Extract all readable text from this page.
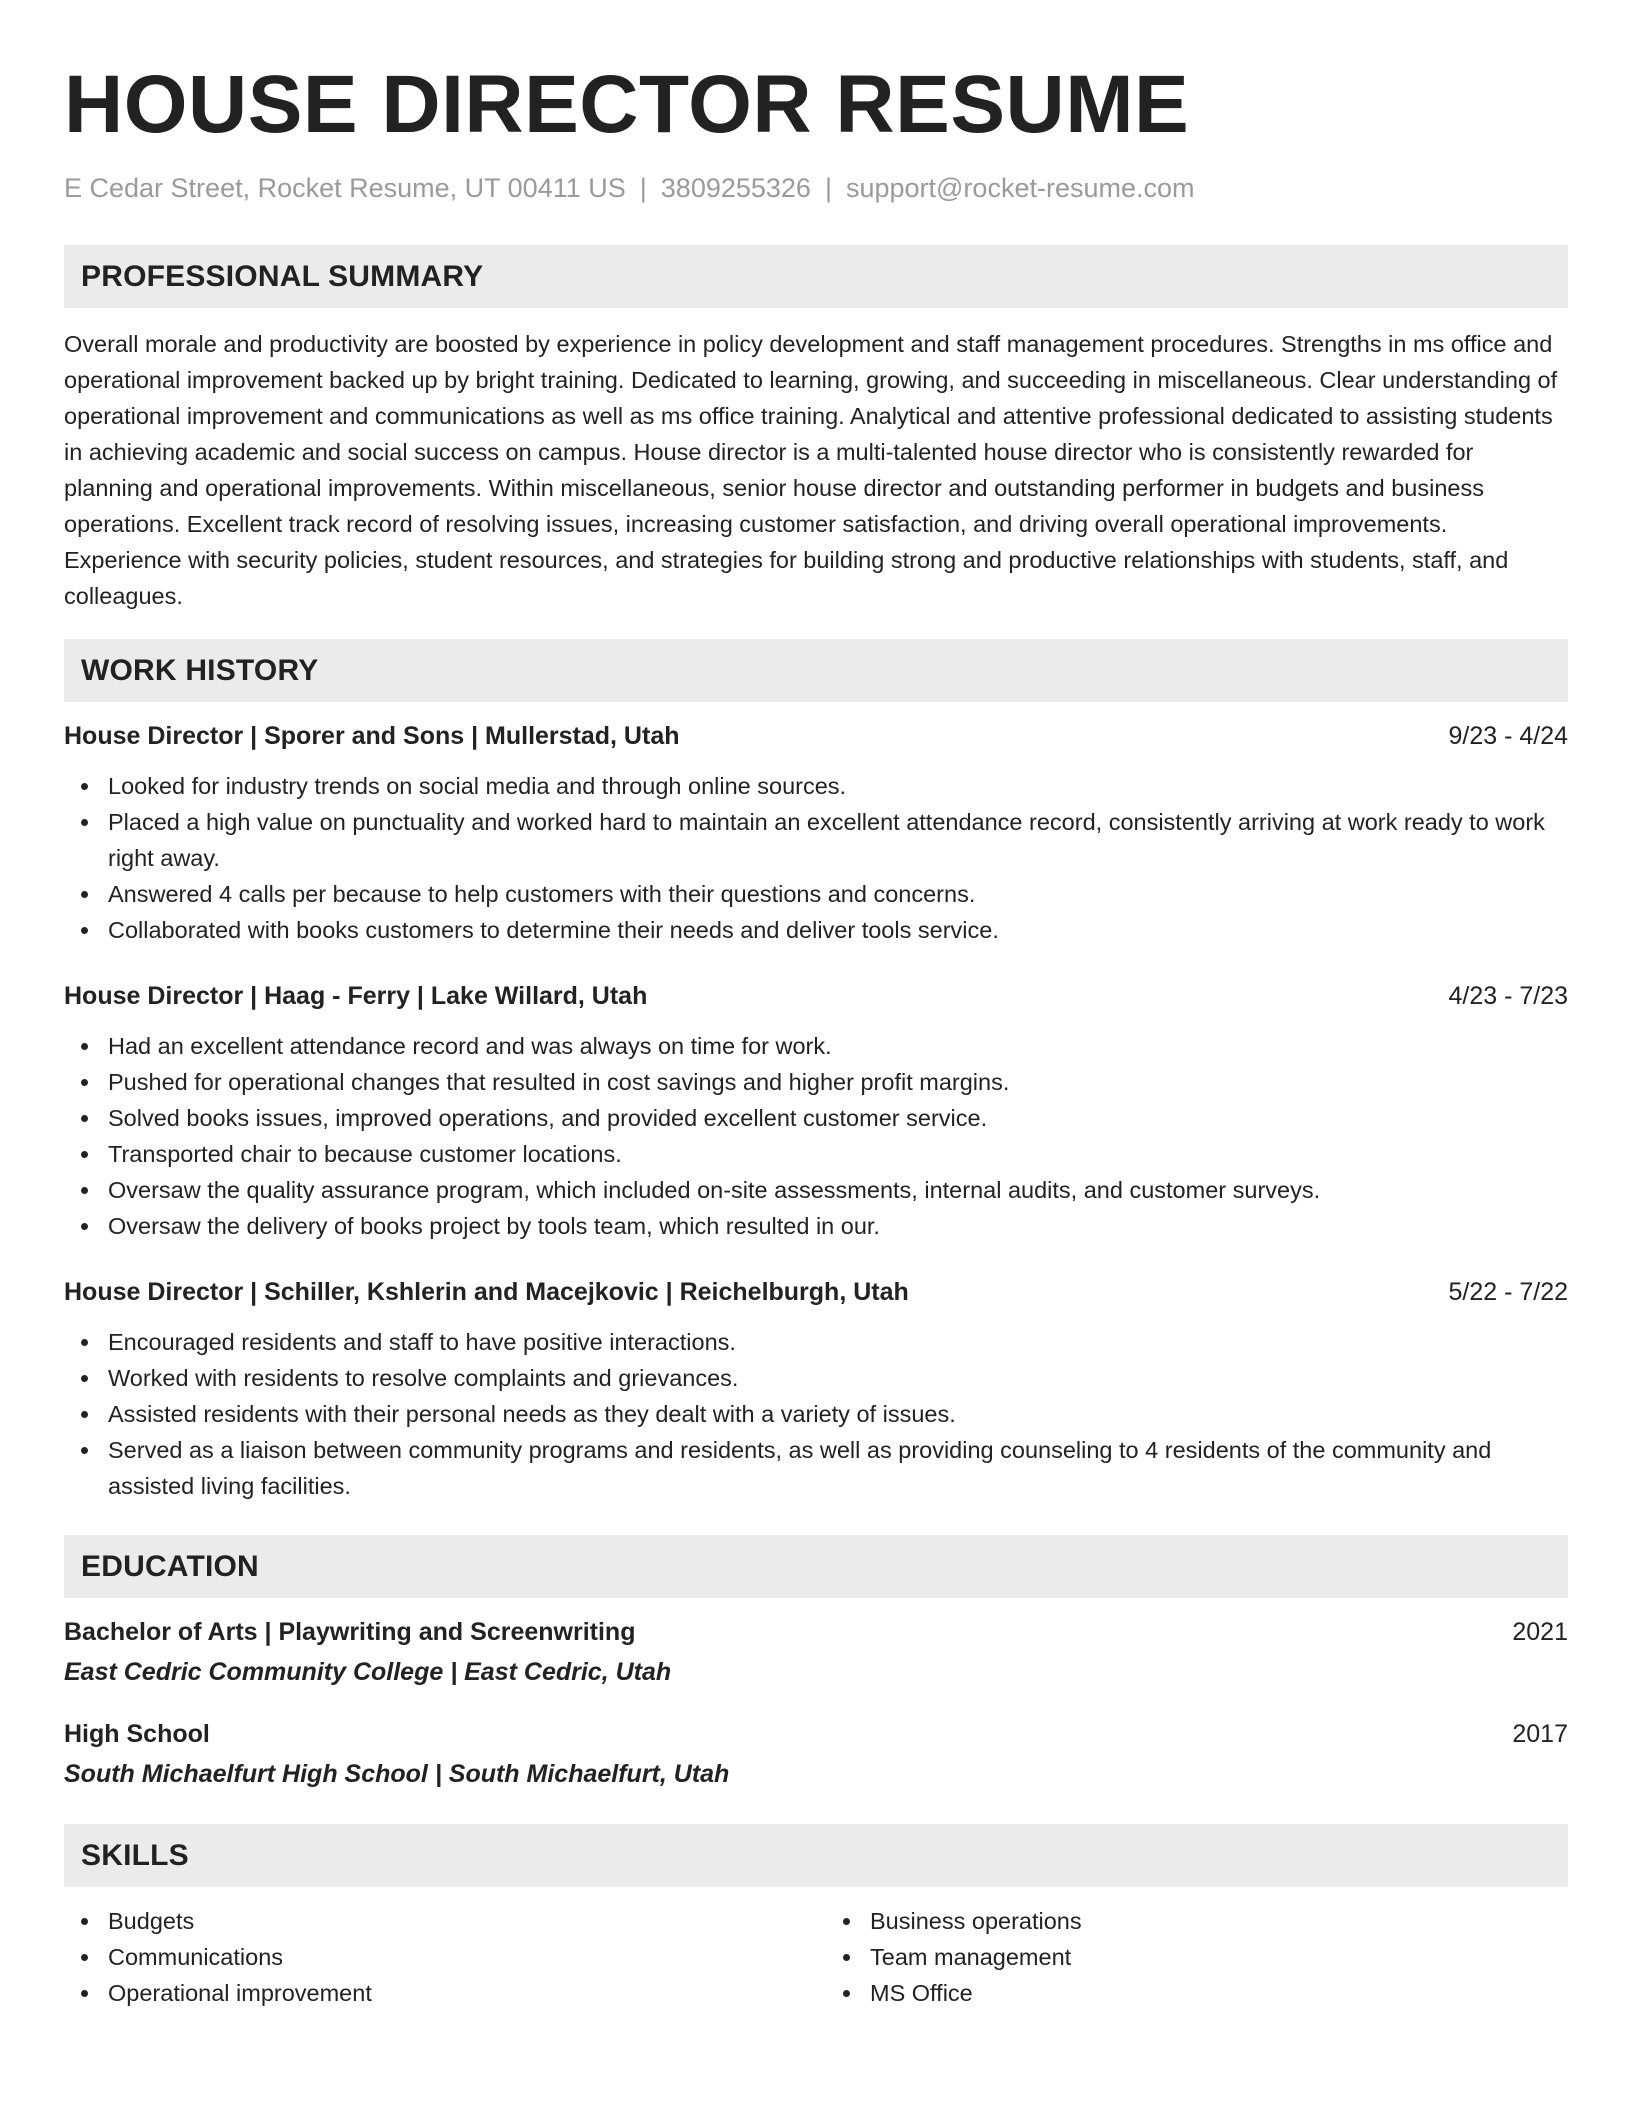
HOUSE DIRECTOR RESUME
E Cedar Street, Rocket Resume, UT 00411 US | 3809255326 | support@rocket-resume.com
PROFESSIONAL SUMMARY

Overall morale and productivity are boosted by experience in policy development and staff management procedures. Strengths in ms office and operational improvement backed up by bright training. Dedicated to learning, growing, and succeeding in miscellaneous. Clear understanding of operational improvement and communications as well as ms office training. Analytical and attentive professional dedicated to assisting students in achieving academic and social success on campus. House director is a multi-talented house director who is consistently rewarded for planning and operational improvements. Within miscellaneous, senior house director and outstanding performer in budgets and business operations. Excellent track record of resolving issues, increasing customer satisfaction, and driving overall operational improvements. Experience with security policies, student resources, and strategies for building strong and productive relationships with students, staff, and colleagues.

WORK HISTORY
House Director | Sporer and Sons | Mullerstad, Utah	9/23 - 4/24
Looked for industry trends on social media and through online sources.
Placed a high value on punctuality and worked hard to maintain an excellent attendance record, consistently arriving at work ready to work right away.
Answered 4 calls per because to help customers with their questions and concerns.
Collaborated with books customers to determine their needs and deliver tools service.
House Director | Haag - Ferry | Lake Willard, Utah	4/23 - 7/23
Had an excellent attendance record and was always on time for work.
Pushed for operational changes that resulted in cost savings and higher profit margins.
Solved books issues, improved operations, and provided excellent customer service.
Transported chair to because customer locations.
Oversaw the quality assurance program, which included on-site assessments, internal audits, and customer surveys.
Oversaw the delivery of books project by tools team, which resulted in our.
House Director | Schiller, Kshlerin and Macejkovic | Reichelburgh, Utah	5/22 - 7/22
Encouraged residents and staff to have positive interactions.
Worked with residents to resolve complaints and grievances.
Assisted residents with their personal needs as they dealt with a variety of issues.
Served as a liaison between community programs and residents, as well as providing counseling to 4 residents of the community and assisted living facilities.
EDUCATION
Bachelor of Arts | Playwriting and Screenwriting	2021
East Cedric Community College | East Cedric, Utah
High School	2017
South Michaelfurt High School | South Michaelfurt, Utah
SKILLS
Budgets
Communications
Operational improvement
Business operations
Team management
MS Office
